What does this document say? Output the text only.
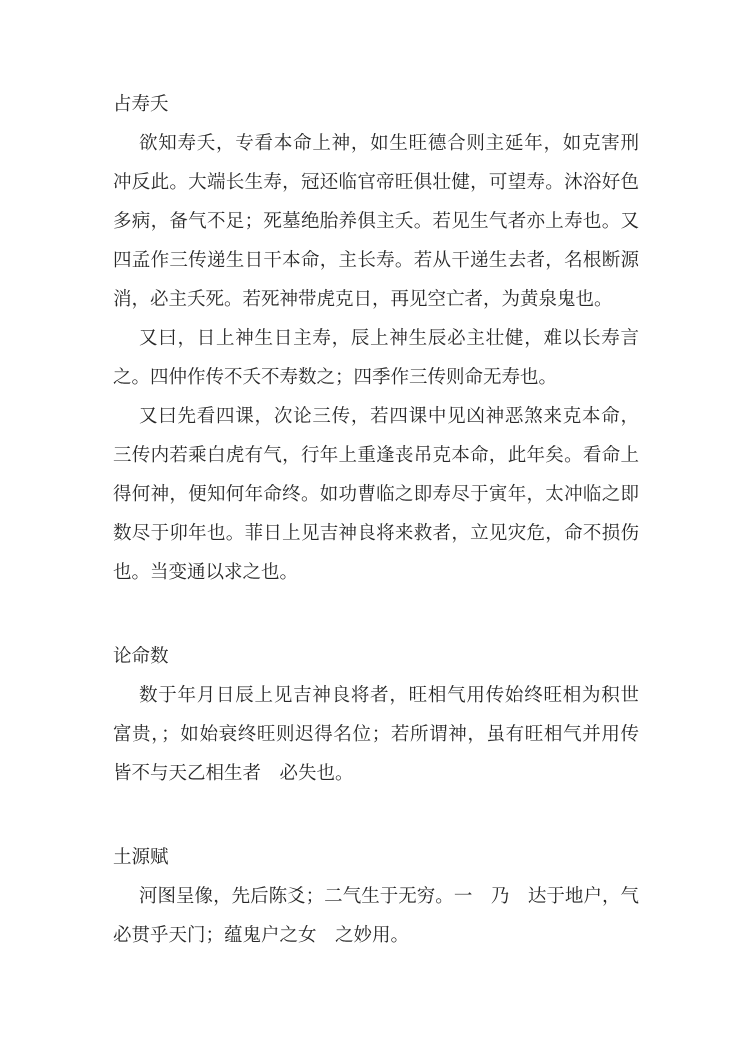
占寿夭
欲知寿夭，专看本命上神，如生旺德合则主延年，如克害刑
冲反此。大端长生寿，冠还临官帝旺俱壮健，可望寿。沐浴好色
多病，备气不足；死墓绝胎养俱主夭。若见生气者亦上寿也。又
四孟作三传递生日干本命，主长寿。若从干递生去者，名根断源
消，必主夭死。若死神带虎克日，再见空亡者，为黄泉鬼也。
又曰，日上神生日主寿，辰上神生辰必主壮健，难以长寿言
之。四仲作传不夭不寿数之；四季作三传则命无寿也。
又曰先看四课，次论三传，若四课中见凶神恶煞来克本命，
三传内若乘白虎有气，行年上重逢丧吊克本命，此年矣。看命上
得何神，便知何年命终。如功曹临之即寿尽于寅年，太冲临之即
数尽于卯年也。菲日上见吉神良将来救者，立见灾危，命不损伤
也。当变通以求之也。
论命数
数于年月日辰上见吉神良将者，旺相气用传始终旺相为积世
富贵，；如始衰终旺则迟得名位；若所谓神，虽有旺相气并用传
皆不与天乙相生者　必失也。
土源赋
河图呈像，先后陈爻；二气生于无穷。一　乃　达于地户，气
必贯乎天门；蕴鬼户之女　之妙用。
